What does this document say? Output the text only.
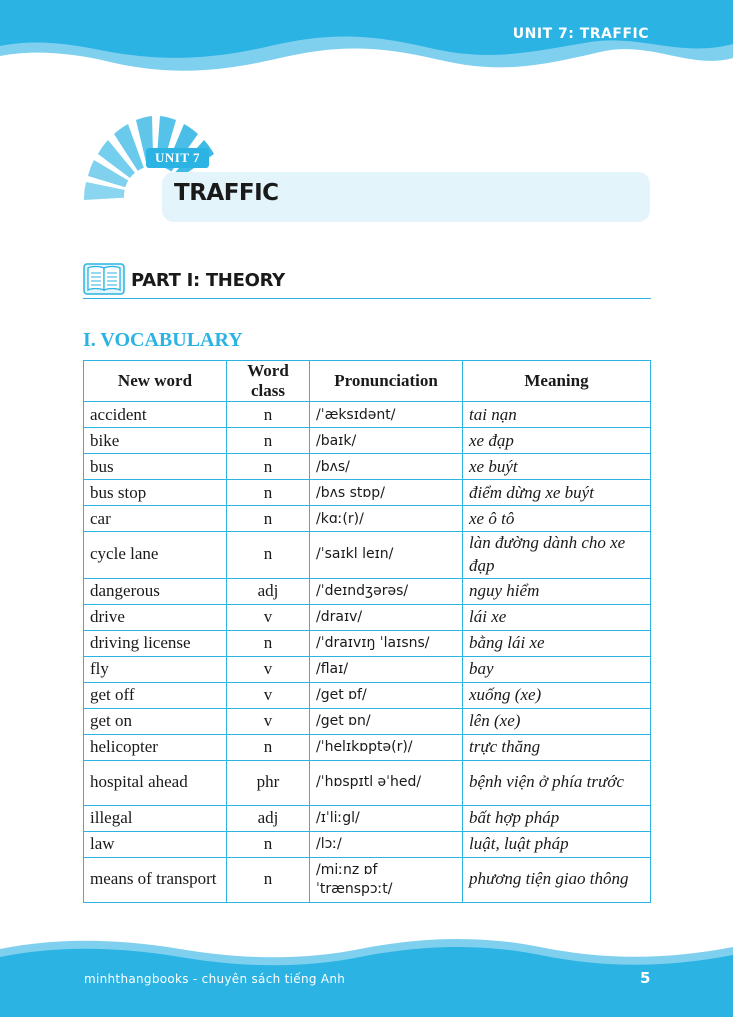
UNIT 7: TRAFFIC
UNIT 7
TRAFFIC
PART I: THEORY
I. VOCABULARY
New word	Word class	Pronunciation	Meaning
accident	n	/ˈæksɪdənt/	tai nạn
bike	n	/baɪk/	xe đạp
bus	n	/bʌs/	xe buýt
bus stop	n	/bʌs stɒp/	điểm dừng xe buýt
car	n	/kɑː(r)/	xe ô tô
cycle lane	n	/ˈsaɪkl leɪn/	làn đường dành cho xe đạp
dangerous	adj	/ˈdeɪndʒərəs/	nguy hiểm
drive	v	/draɪv/	lái xe
driving license	n	/ˈdraɪvɪŋ ˈlaɪsns/	bằng lái xe
fly	v	/flaɪ/	bay
get off	v	/get ɒf/	xuống (xe)
get on	v	/get ɒn/	lên (xe)
helicopter	n	/ˈhelɪkɒptə(r)/	trực thăng
hospital ahead	phr	/ˈhɒspɪtl əˈhed/	bệnh viện ở phía trước
illegal	adj	/ɪˈliːgl/	bất hợp pháp
law	n	/lɔː/	luật, luật pháp
means of transport	n	/miːnz ɒf ˈtrænspɔːt/	phương tiện giao thông
minhthangbooks - chuyên sách tiếng Anh	5
